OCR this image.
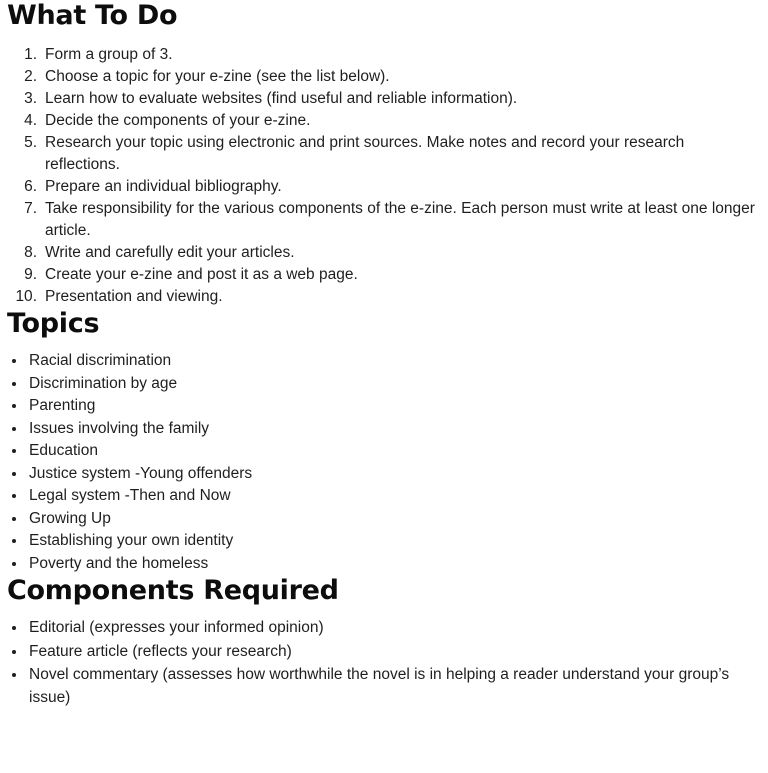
What To Do
Form a group of 3.
Choose a topic for your e-zine (see the list below).
Learn how to evaluate websites (find useful and reliable information).
Decide the components of your e-zine.
Research your topic using electronic and print sources. Make notes and record your research reflections.
Prepare an individual bibliography.
Take responsibility for the various components of the e-zine. Each person must write at least one longer article.
Write and carefully edit your articles.
Create your e-zine and post it as a web page.
Presentation and viewing.
Topics
Racial discrimination
Discrimination by age
Parenting
Issues involving the family
Education
Justice system -Young offenders
Legal system -Then and Now
Growing Up
Establishing your own identity
Poverty and the homeless
Components Required
Editorial (expresses your informed opinion)
Feature article (reflects your research)
Novel commentary (assesses how worthwhile the novel is in helping a reader understand your group’s issue)
